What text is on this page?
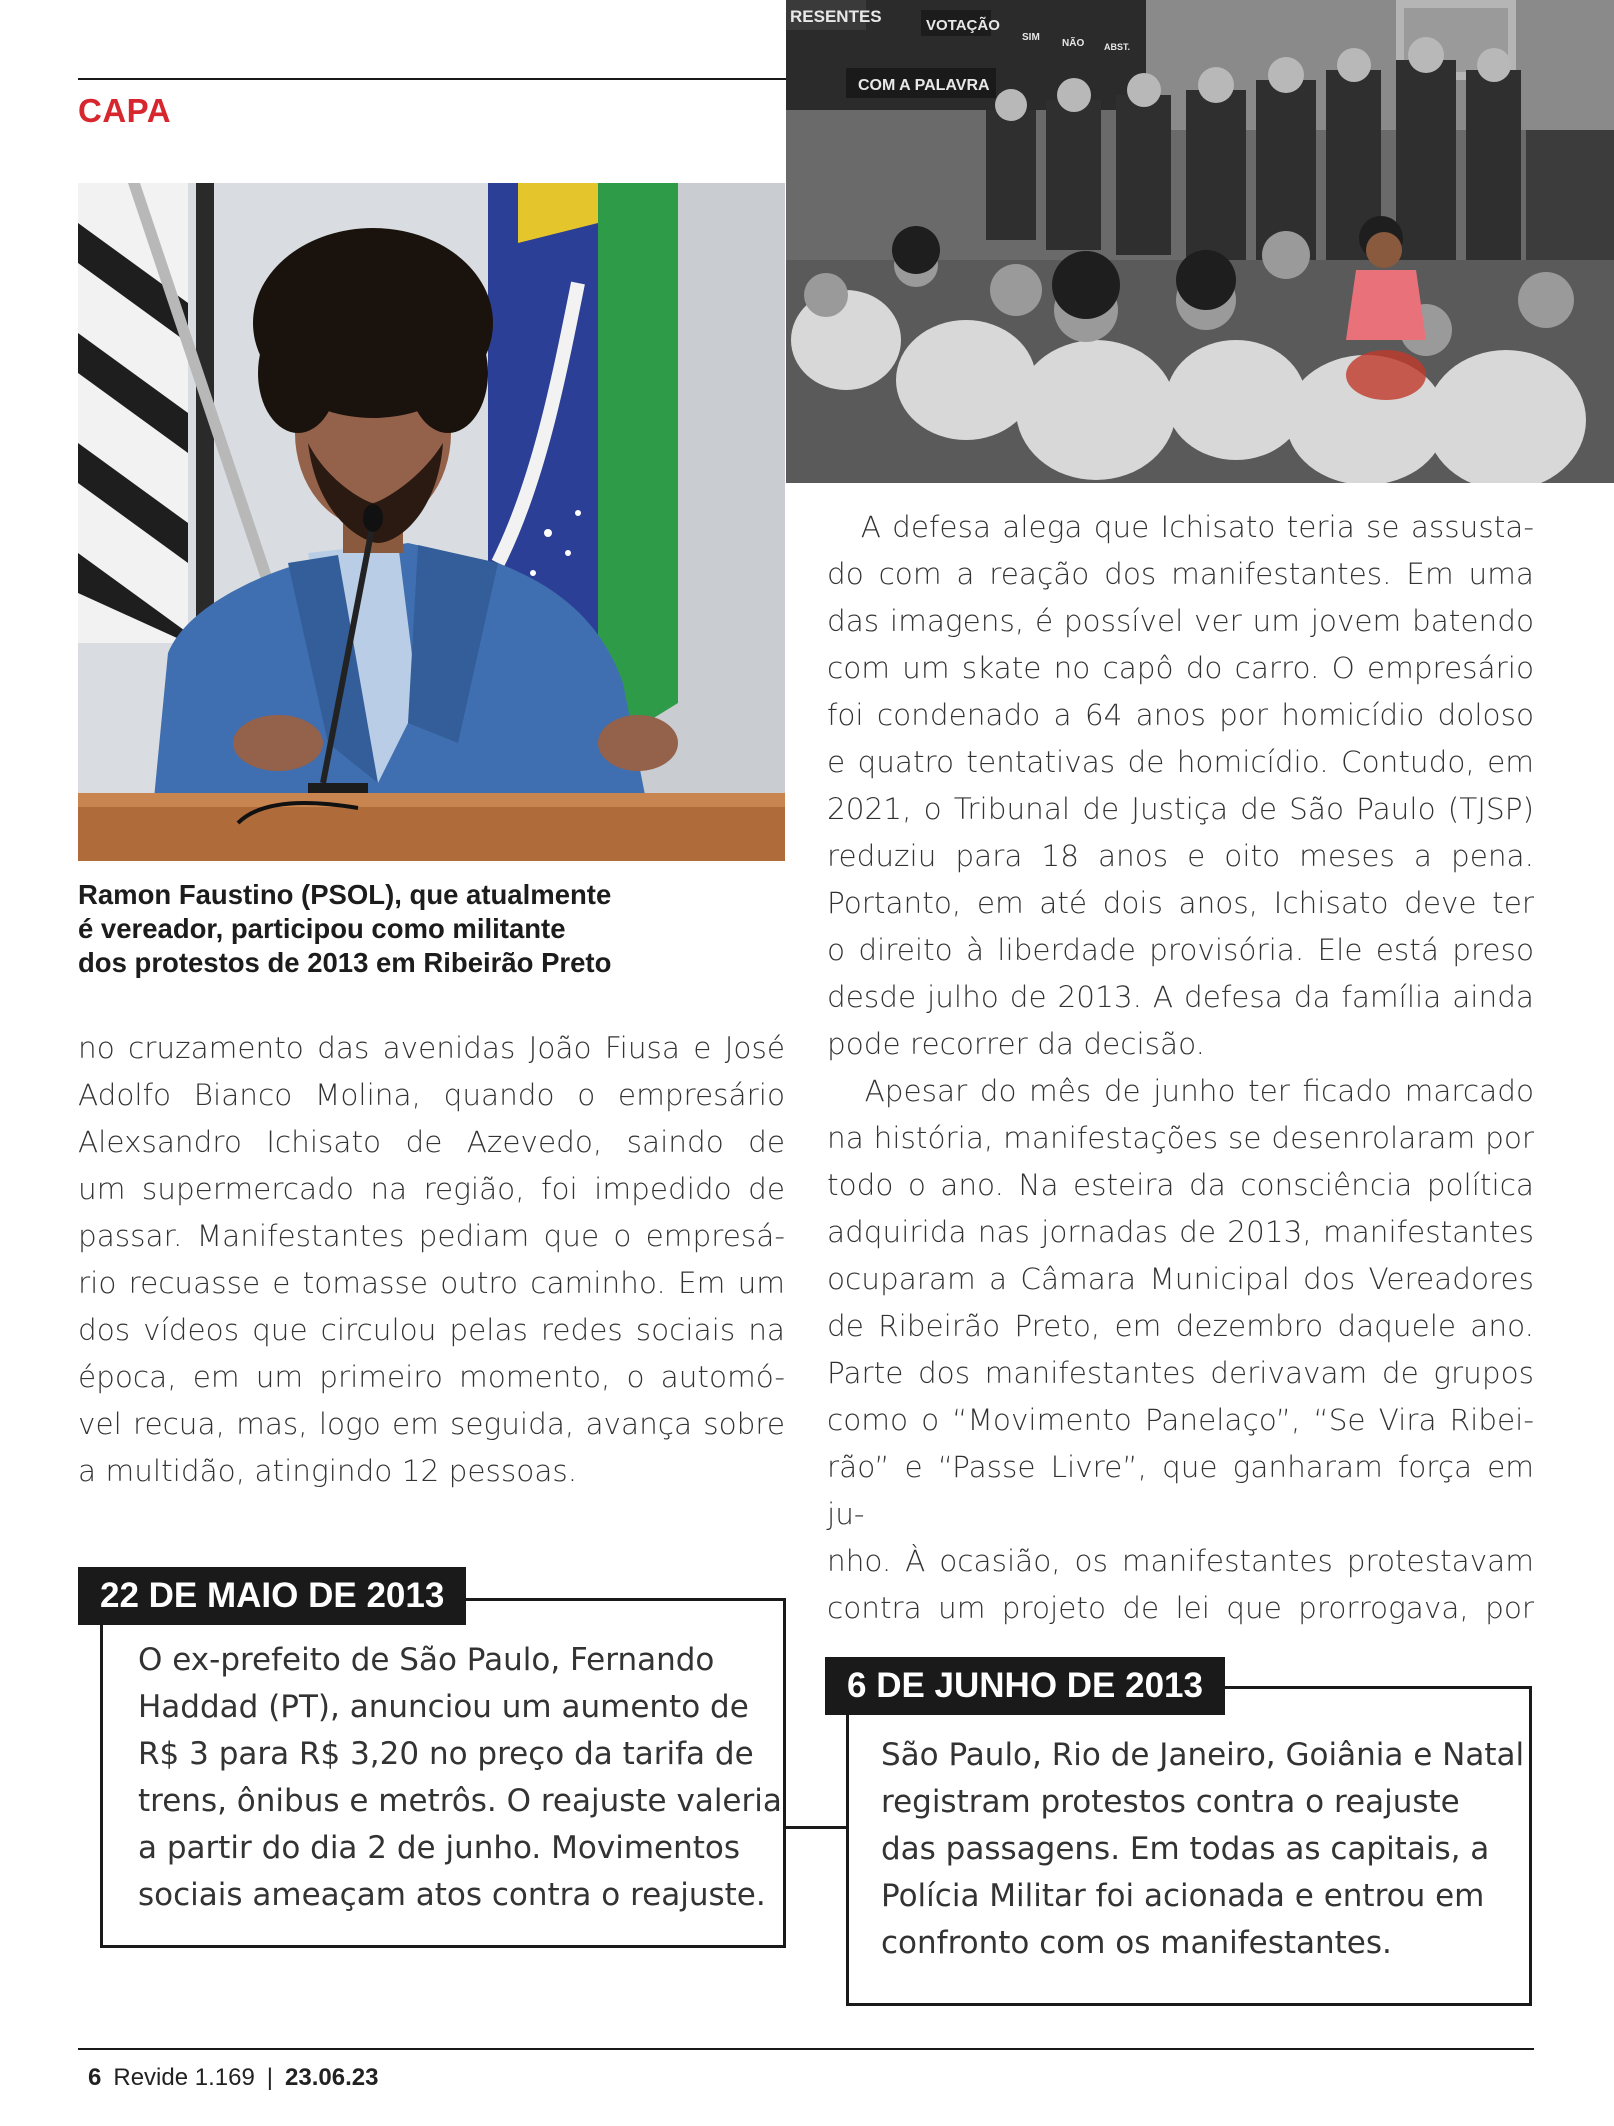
CAPA
Ramon Faustino (PSOL), que atualmente
é vereador, participou como militante
dos protestos de 2013 em Ribeirão Preto
RESENTES	VOTAÇÃO
SIM
NÃO ABST.
COM A PALAVRA
no cruzamento das avenidas João Fiusa e José
Adolfo Bianco Molina, quando o empresário
Alexsandro Ichisato de Azevedo, saindo de
um supermercado na região, foi impedido de
passar. Manifestantes pediam que o empresá-
rio recuasse e tomasse outro caminho. Em um
dos vídeos que circulou pelas redes sociais na
época, em um primeiro momento, o automó-
vel recua, mas, logo em seguida, avança sobre
a multidão, atingindo 12 pessoas.
A defesa alega que Ichisato teria se assusta-
do com a reação dos manifestantes. Em uma
das imagens, é possível ver um jovem batendo
com um skate no capô do carro. O empresário
foi condenado a 64 anos por homicídio doloso
e quatro tentativas de homicídio. Contudo, em
2021, o Tribunal de Justiça de São Paulo (TJSP)
reduziu para 18 anos e oito meses a pena.
Portanto, em até dois anos, Ichisato deve ter
o direito à liberdade provisória. Ele está preso
desde julho de 2013. A defesa da família ainda
pode recorrer da decisão.
Apesar do mês de junho ter ficado marcado
na história, manifestações se desenrolaram por
todo o ano. Na esteira da consciência política
adquirida nas jornadas de 2013, manifestantes
ocuparam a Câmara Municipal dos Vereadores
de Ribeirão Preto, em dezembro daquele ano.
Parte dos manifestantes derivavam de grupos
como o “Movimento Panelaço”, “Se Vira Ribei-
rão” e “Passe Livre”, que ganharam força em ju-
nho. À ocasião, os manifestantes protestavam
contra um projeto de lei que prorrogava, por
22 DE MAIO DE 2013
O ex-prefeito de São Paulo, Fernando
Haddad (PT), anunciou um aumento de
R$ 3 para R$ 3,20 no preço da tarifa de
trens, ônibus e metrôs. O reajuste valeria
a partir do dia 2 de junho. Movimentos
sociais ameaçam atos contra o reajuste.
6 DE JUNHO DE 2013
São Paulo, Rio de Janeiro, Goiânia e Natal
registram protestos contra o reajuste
das passagens. Em todas as capitais, a
Polícia Militar foi acionada e entrou em
confronto com os manifestantes.
6 Revide 1.169 | 23.06.23
